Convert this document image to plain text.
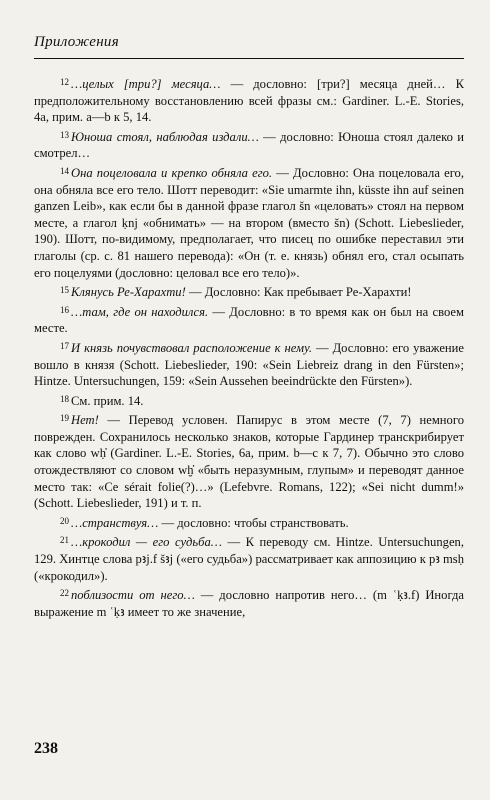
Приложения

$^{12}$ …целых [три?] месяца… — дословно: [три?] месяца дней… К предположительному восстановлению всей фразы см.: Gardiner. L.-E. Stories, 4a, прим. a—b к 5, 14.

$^{13}$ Юноша стоял, наблюдая издали… — дословно: Юноша стоял далеко и смотрел…

$^{14}$ Она поцеловала и крепко обняла его. — Дословно: Она поцеловала его, она обняла все его тело. Шотт переводит: «Sie umarmte ihn, küsste ihn auf seinen ganzen Leib», как если бы в данной фразе глагол šn «целовать» стоял на первом месте, а глагол ḳnj «обнимать» — на втором (вместо šn) (Schott. Liebeslieder, 190). Шотт, по-видимому, предполагает, что писец по ошибке переставил эти глаголы (ср. с. 81 нашего перевода): «Он (т. е. князь) обнял его, стал осыпать его поцелуями (дословно: целовал все его тело)».

$^{15}$ Клянусь Ре-Харахти! — Дословно: Как пребывает Ре-Харахти!

$^{16}$ …там, где он находился. — Дословно: в то время как он был на своем месте.

$^{17}$ И князь почувствовал расположение к нему. — Дословно: его уважение вошло в князя (Schott. Liebeslieder, 190: «Sein Liebreiz drang in den Fürsten»; Hintze. Untersuchungen, 159: «Sein Aussehen beeindrückte den Fürsten»).

$^{18}$ См. прим. 14.

$^{19}$ Нет! — Перевод условен. Папирус в этом месте (7, 7) немного поврежден. Сохранилось несколько знаков, которые Гардинер транскрибирует как слово wḥ̓ (Gardiner. L.-E. Stories, 6a, прим. b—c к 7, 7). Обычно это слово отождествляют со словом wḫ̓ «быть неразумным, глупым» и переводят данное место так: «Ce sérait folie(?)…» (Lefebvre. Romans, 122); «Sei nicht dumm!» (Schott. Liebeslieder, 191) и т. п.

$^{20}$ …странствуя… — дословно: чтобы странствовать.

$^{21}$ …крокодил — его судьба… — К переводу см. Hintze. Untersuchungen, 129. Хинтце слова pꜣj.f šꜣj («его судьба») рассматривает как аппозицию к pꜣ msḥ («крокодил»).

$^{22}$ поблизости от него… — дословно напротив него… (m ʿḳꜣ.f) Иногда выражение m ʿḳꜣ имеет то же значение,

238
